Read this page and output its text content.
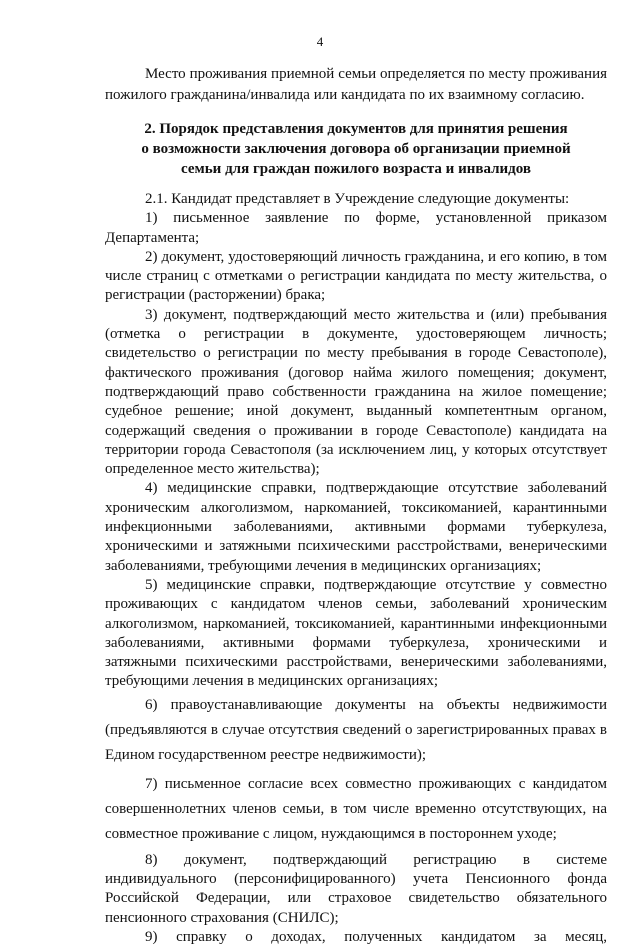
4

Место проживания приемной семьи определяется по месту проживания пожилого гражданина/инвалида или кандидата по их взаимному согласию.

2. Порядок представления документов для принятия решения
о возможности заключения договора об организации приемной
семьи для граждан пожилого возраста и инвалидов

2.1. Кандидат представляет в Учреждение следующие документы:

1) письменное заявление по форме, установленной приказом Департамента;

2) документ, удостоверяющий личность гражданина, и его копию, в том числе страниц с отметками о регистрации кандидата по месту жительства, о регистрации (расторжении) брака;

3) документ, подтверждающий место жительства и (или) пребывания (отметка о регистрации в документе, удостоверяющем личность; свидетельство о регистрации по месту пребывания в городе Севастополе), фактического проживания (договор найма жилого помещения; документ, подтверждающий право собственности гражданина на жилое помещение; судебное решение; иной документ, выданный компетентным органом, содержащий сведения о проживании в городе Севастополе) кандидата на территории города Севастополя (за исключением лиц, у которых отсутствует определенное место жительства);

4) медицинские справки, подтверждающие отсутствие заболеваний хроническим алкоголизмом, наркоманией, токсикоманией, карантинными инфекционными заболеваниями, активными формами туберкулеза, хроническими и затяжными психическими расстройствами, венерическими заболеваниями, требующими лечения в медицинских организациях;

5) медицинские справки, подтверждающие отсутствие у совместно проживающих с кандидатом членов семьи, заболеваний хроническим алкоголизмом, наркоманией, токсикоманией, карантинными инфекционными заболеваниями, активными формами туберкулеза, хроническими и затяжными психическими расстройствами, венерическими заболеваниями, требующими лечения в медицинских организациях;

6) правоустанавливающие документы на объекты недвижимости (предъявляются в случае отсутствия сведений о зарегистрированных правах в Едином государственном реестре недвижимости);

7) письменное согласие всех совместно проживающих с кандидатом совершеннолетних членов семьи, в том числе временно отсутствующих, на совместное проживание с лицом, нуждающимся в постороннем уходе;

8) документ, подтверждающий регистрацию в системе индивидуального (персонифицированного) учета Пенсионного фонда Российской Федерации, или страховое свидетельство обязательного пенсионного страхования (СНИЛС);

9) справку о доходах, полученных кандидатом за месяц,
